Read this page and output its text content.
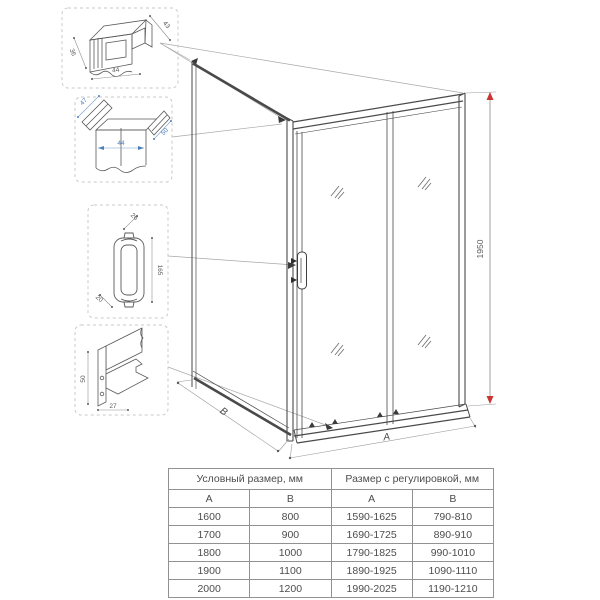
36
44
43
47
44
50
26
165
20
50
27
1950
A
B
Условный размер, мм		Размер с регулировкой, мм	
A	B	A	B
1600	800	1590-1625	790-810
1700	900	1690-1725	890-910
1800	1000	1790-1825	990-1010
1900	1100	1890-1925	1090-1110
2000	1200	1990-2025	1190-1210
